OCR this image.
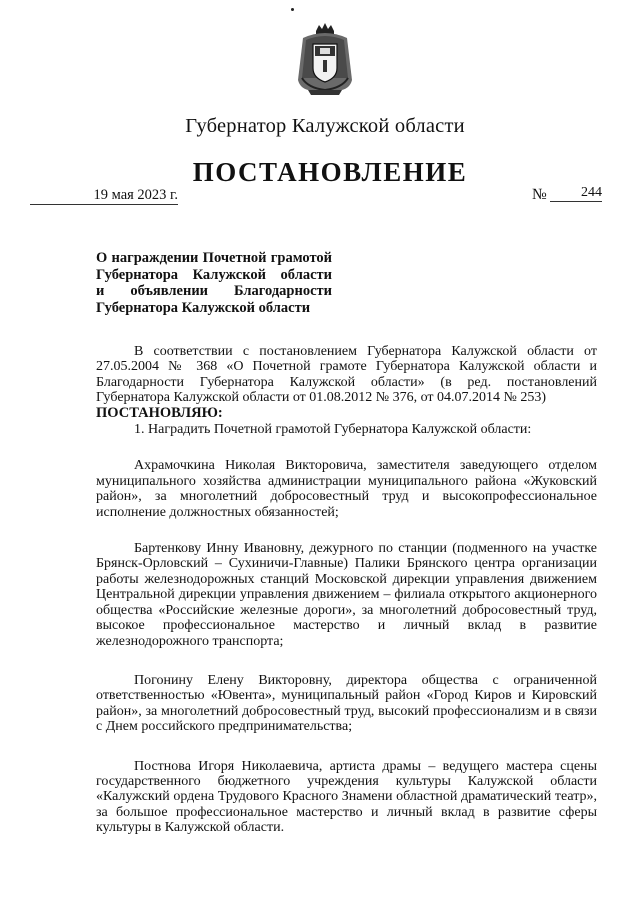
Губернатор Калужской области
ПОСТАНОВЛЕНИЕ
19 мая 2023 г.	№	244
О награждении Почетной грамотой
Губернатора Калужской области
и объявлении Благодарности
Губернатора Калужской области

В соответствии с постановлением Губернатора Калужской области от 27.05.2004 № 368 «О Почетной грамоте Губернатора Калужской области и Благодарности Губернатора Калужской области» (в ред. постановлений Губернатора Калужской области от 01.08.2012 № 376, от 04.07.2014 № 253)

ПОСТАНОВЛЯЮ:

1. Наградить Почетной грамотой Губернатора Калужской области:

Ахрамочкина Николая Викторовича, заместителя заведующего отделом муниципального хозяйства администрации муниципального района «Жуковский район», за многолетний добросовестный труд и высокопрофессиональное исполнение должностных обязанностей;

Бартенкову Инну Ивановну, дежурного по станции (подменного на участке Брянск-Орловский – Сухиничи-Главные) Палики Брянского центра организации работы железнодорожных станций Московской дирекции управления движением Центральной дирекции управления движением – филиала открытого акционерного общества «Российские железные дороги», за многолетний добросовестный труд, высокое профессиональное мастерство и личный вклад в развитие железнодорожного транспорта;

Погонину Елену Викторовну, директора общества с ограниченной ответственностью «Ювента», муниципальный район «Город Киров и Кировский район», за многолетний добросовестный труд, высокий профессионализм и в связи с Днем российского предпринимательства;

Постнова Игоря Николаевича, артиста драмы – ведущего мастера сцены государственного бюджетного учреждения культуры Калужской области «Калужский ордена Трудового Красного Знамени областной драматический театр», за большое профессиональное мастерство и личный вклад в развитие сферы культуры в Калужской области.
